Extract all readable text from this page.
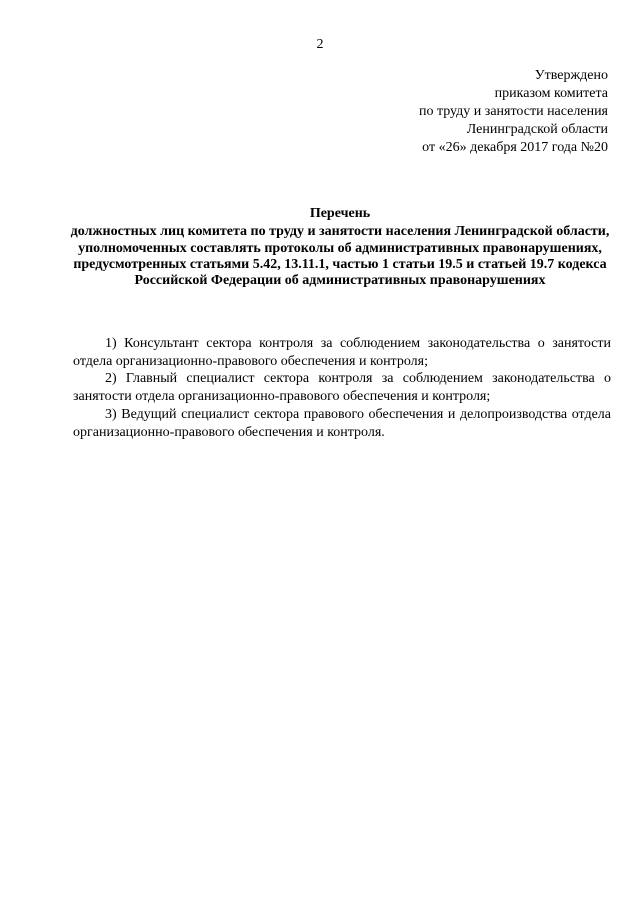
2
Утверждено
приказом комитета
по труду и занятости населения
Ленинградской области
от «26» декабря 2017 года №20
Перечень
должностных лиц комитета по труду и занятости населения Ленинградской области, уполномоченных составлять протоколы об административных правонарушениях, предусмотренных статьями 5.42, 13.11.1, частью 1 статьи 19.5 и статьей 19.7 кодекса Российской Федерации об административных правонарушениях

1) Консультант сектора контроля за соблюдением законодательства о занятости отдела организационно-правового обеспечения и контроля;

2) Главный специалист сектора контроля за соблюдением законодательства о занятости отдела организационно-правового обеспечения и контроля;

3) Ведущий специалист сектора правового обеспечения и делопроизводства отдела организационно-правового обеспечения и контроля.
